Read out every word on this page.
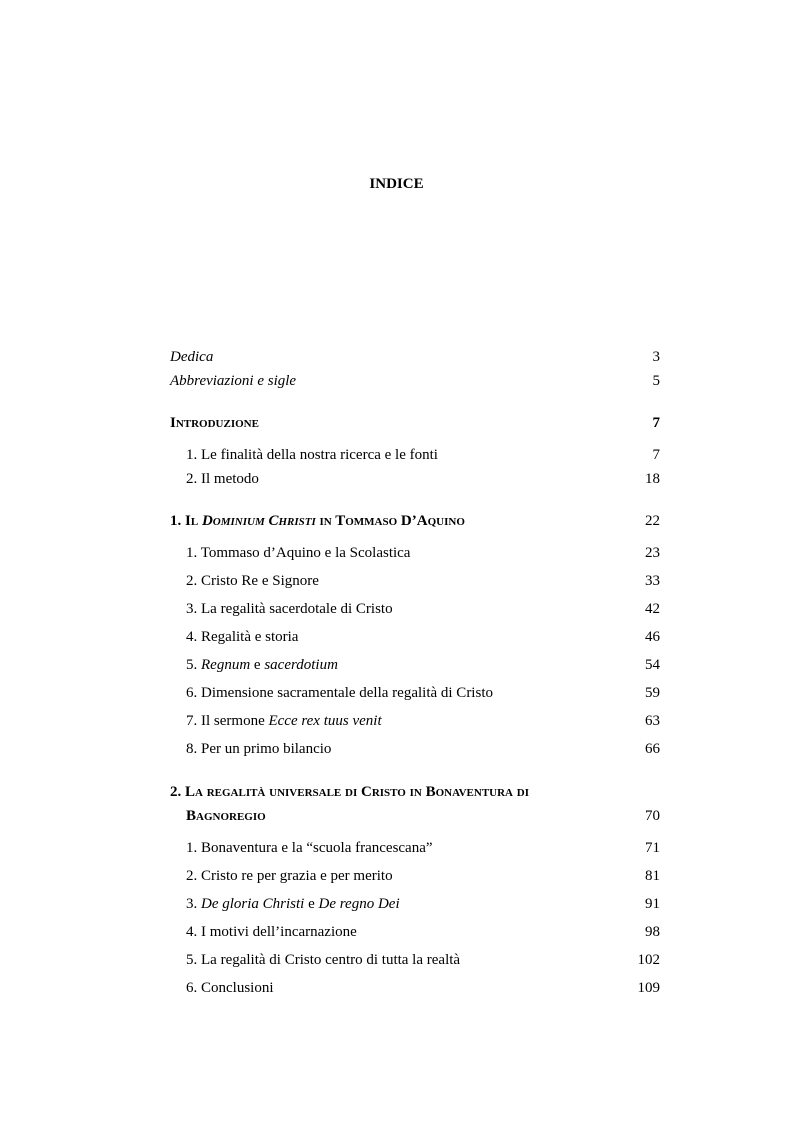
INDICE
Dedica	3
Abbreviazioni e sigle	5
Introduzione	7
1. Le finalità della nostra ricerca e le fonti	7
2. Il metodo	18
1. Il Dominium Christi in Tommaso D’Aquino	22
1. Tommaso d’Aquino e la Scolastica	23
2. Cristo Re e Signore	33
3. La regalità sacerdotale di Cristo	42
4. Regalità e storia	46
5. Regnum e sacerdotium	54
6. Dimensione sacramentale della regalità di Cristo	59
7. Il sermone Ecce rex tuus venit	63
8. Per un primo bilancio	66
2. La regalità universale di Cristo in Bonaventura di
Bagnoregio	70
1. Bonaventura e la “scuola francescana”	71
2. Cristo re per grazia e per merito	81
3. De gloria Christi e De regno Dei	91
4. I motivi dell’incarnazione	98
5. La regalità di Cristo centro di tutta la realtà	102
6. Conclusioni	109
